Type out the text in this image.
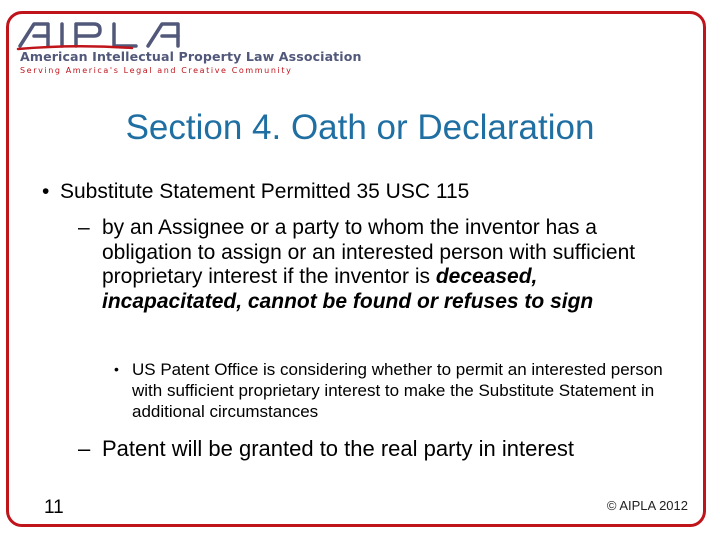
American Intellectual Property Law Association
Serving America's Legal and Creative Community
Section 4. Oath or Declaration
• Substitute Statement Permitted 35 USC 115
– by an Assignee or a party to whom the inventor has a obligation to assign or an interested person with sufficient proprietary interest if the inventor is deceased, incapacitated, cannot be found or refuses to sign
• US Patent Office is considering whether to permit an interested person with sufficient proprietary interest to make the Substitute Statement in additional circumstances
– Patent will be granted to the real party in interest
11	© AIPLA 2012
